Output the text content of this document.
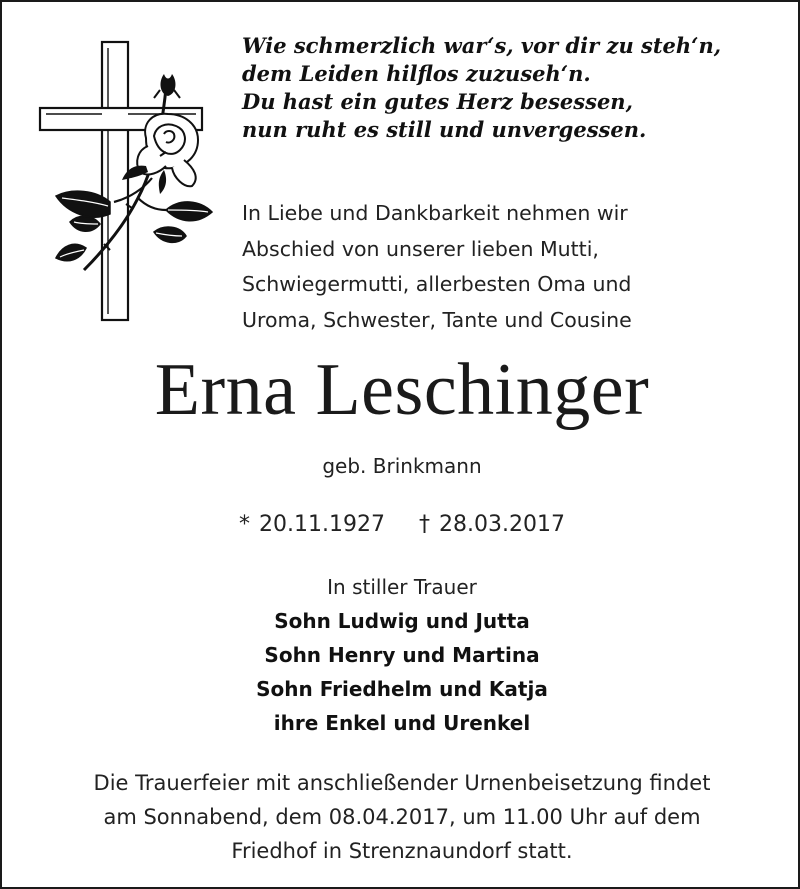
Wie schmerzlich war‘s, vor dir zu steh‘n,
dem Leiden hilflos zuzuseh‘n.
Du hast ein gutes Herz besessen,
nun ruht es still und unvergessen.
In Liebe und Dankbarkeit nehmen wir
Abschied von unserer lieben Mutti,
Schwiegermutti, allerbesten Oma und
Uroma, Schwester, Tante und Cousine
Erna Leschinger
geb. Brinkmann
* 20.11.1927 † 28.03.2017
In stiller Trauer
Sohn Ludwig und Jutta
Sohn Henry und Martina
Sohn Friedhelm und Katja
ihre Enkel und Urenkel
Die Trauerfeier mit anschließender Urnenbeisetzung findet
am Sonnabend, dem 08.04.2017, um 11.00 Uhr auf dem
Friedhof in Strenznaundorf statt.
